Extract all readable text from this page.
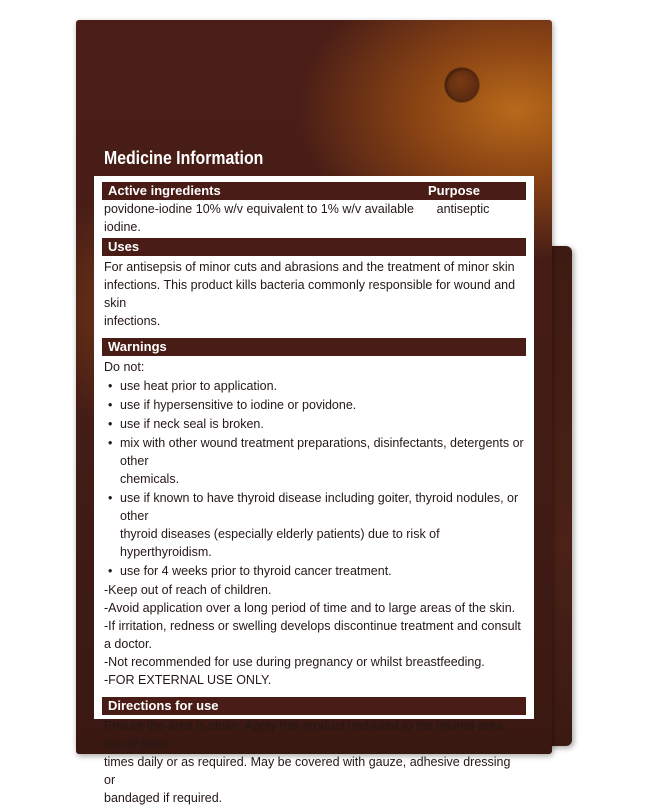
Medicine Information
Active ingredients	Purpose
povidone-iodine 10% w/v equivalent to 1% w/v available iodine.
antiseptic
Uses

For antisepsis of minor cuts and abrasions and the treatment of minor skin

infections. This product kills bacteria commonly responsible for wound and skin

infections.

Warnings

Do not:

• use heat prior to application.
• use if hypersensitive to iodine or povidone.
• use if neck seal is broken.
• mix with other wound treatment preparations, disinfectants, detergents or other
chemicals.
• use if known to have thyroid disease including goiter, thyroid nodules, or other
thyroid diseases (especially elderly patients) due to risk of hyperthyroidism.
• use for 4 weeks prior to thyroid cancer treatment.

-Keep out of reach of children.

-Avoid application over a long period of time and to large areas of the skin.

-If irritation, redness or swelling develops discontinue treatment and consult a doctor.

-Not recommended for use during pregnancy or whilst breastfeeding.

-FOR EXTERNAL USE ONLY.

Directions for use

Ensure the area is clean. Apply this product undiluted to the injured area two or three

times daily or as required. May be covered with gauze, adhesive dressing or

bandaged if required.
